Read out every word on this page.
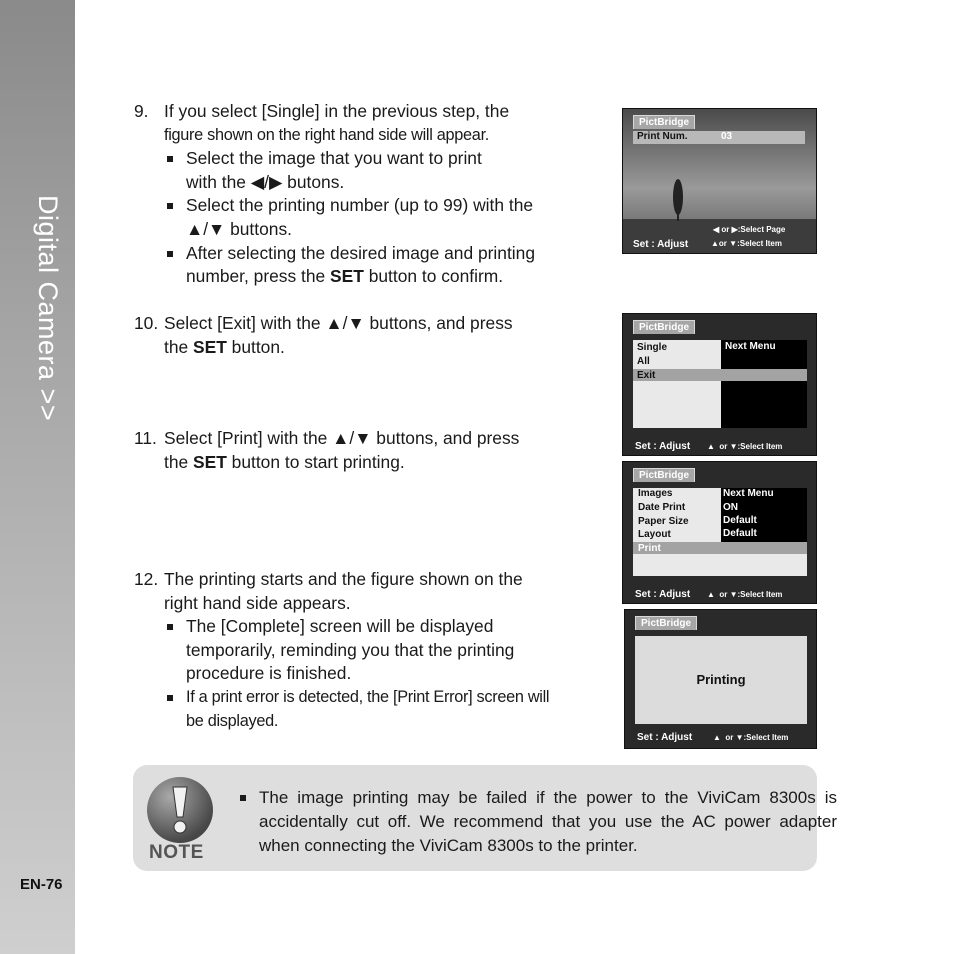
Digital Camera >>
EN-76
9. If you select [Single] in the previous step, the
figure shown on the right hand side will appear.
Select the image that you want to print with the ◀/▶ butons.
Select the printing number (up to 99) with the ▲/▼ buttons.
After selecting the desired image and printing number, press the SET button to confirm.
10. Select [Exit] with the ▲/▼ buttons, and press the SET button.
11. Select [Print] with the ▲/▼ buttons, and press the SET button to start printing.
12. The printing starts and the figure shown on the right hand side appears.
The [Complete] screen will be displayed temporarily, reminding you that the printing procedure is finished.
If a print error is detected, the [Print Error] screen will be displayed.
PictBridge
Print Num.	03
◀ or ▶:Select Page
▲or ▼:Select Item
Set : Adjust
PictBridge
Single
All
Exit
Next Menu
Set : Adjust ▲  or ▼:Select Item
PictBridge
Images
Date Print
Paper Size
Layout
Print
Next Menu
ON
Default
Default
Set : Adjust ▲  or ▼:Select Item
PictBridge
Printing
Set : Adjust	▲  or ▼:Select Item
NOTE
The image printing may be failed if the power to the ViviCam 8300s is accidentally cut off. We recommend that you use the AC power adapter when connecting the ViviCam 8300s to the printer.
